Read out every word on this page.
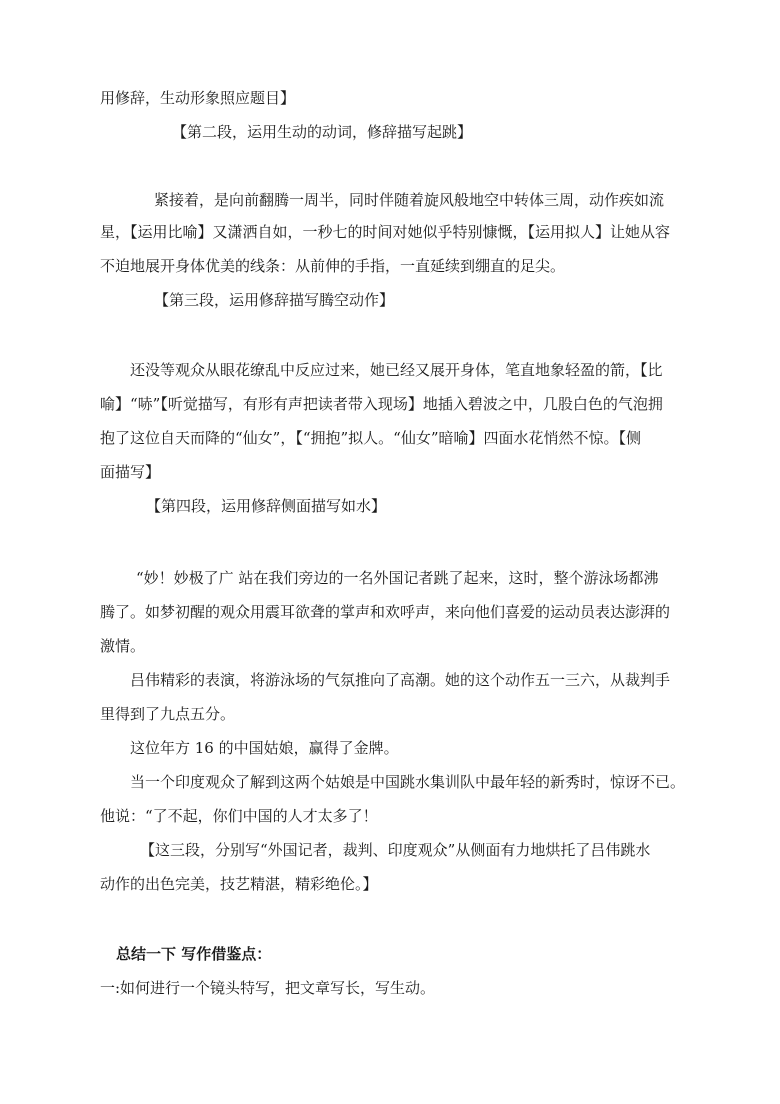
用修辞，生动形象照应题目】
【第二段，运用生动的动词，修辞描写起跳】
紧接着，是向前翻腾一周半，同时伴随着旋风般地空中转体三周，动作疾如流
星，【运用比喻】又潇洒自如，一秒七的时间对她似乎特别慷慨，【运用拟人】让她从容
不迫地展开身体优美的线条：从前伸的手指，一直延续到绷直的足尖。
【第三段，运用修辞描写腾空动作】
还没等观众从眼花缭乱中反应过来，她已经又展开身体，笔直地象轻盈的箭，【比
喻】“哧”【听觉描写，有形有声把读者带入现场】地插入碧波之中，几股白色的气泡拥
抱了这位自天而降的“仙女”，【“拥抱”拟人。“仙女”暗喻】四面水花悄然不惊。【侧
面描写】
【第四段，运用修辞侧面描写如水】
“妙！妙极了广 站在我们旁边的一名外国记者跳了起来，这时，整个游泳场都沸
腾了。如梦初醒的观众用震耳欲聋的掌声和欢呼声，来向他们喜爱的运动员表达澎湃的
激情。
吕伟精彩的表演，将游泳场的气氛推向了高潮。她的这个动作五一三六，从裁判手
里得到了九点五分。
这位年方 16 的中国姑娘，赢得了金牌。
当一个印度观众了解到这两个姑娘是中国跳水集训队中最年轻的新秀时，惊讶不已。
他说：“了不起，你们中国的人才太多了！
【这三段，分别写“外国记者，裁判、印度观众”从侧面有力地烘托了吕伟跳水
动作的出色完美，技艺精湛，精彩绝伦。】
总结一下 写作借鉴点：
一:如何进行一个镜头特写，把文章写长，写生动。
